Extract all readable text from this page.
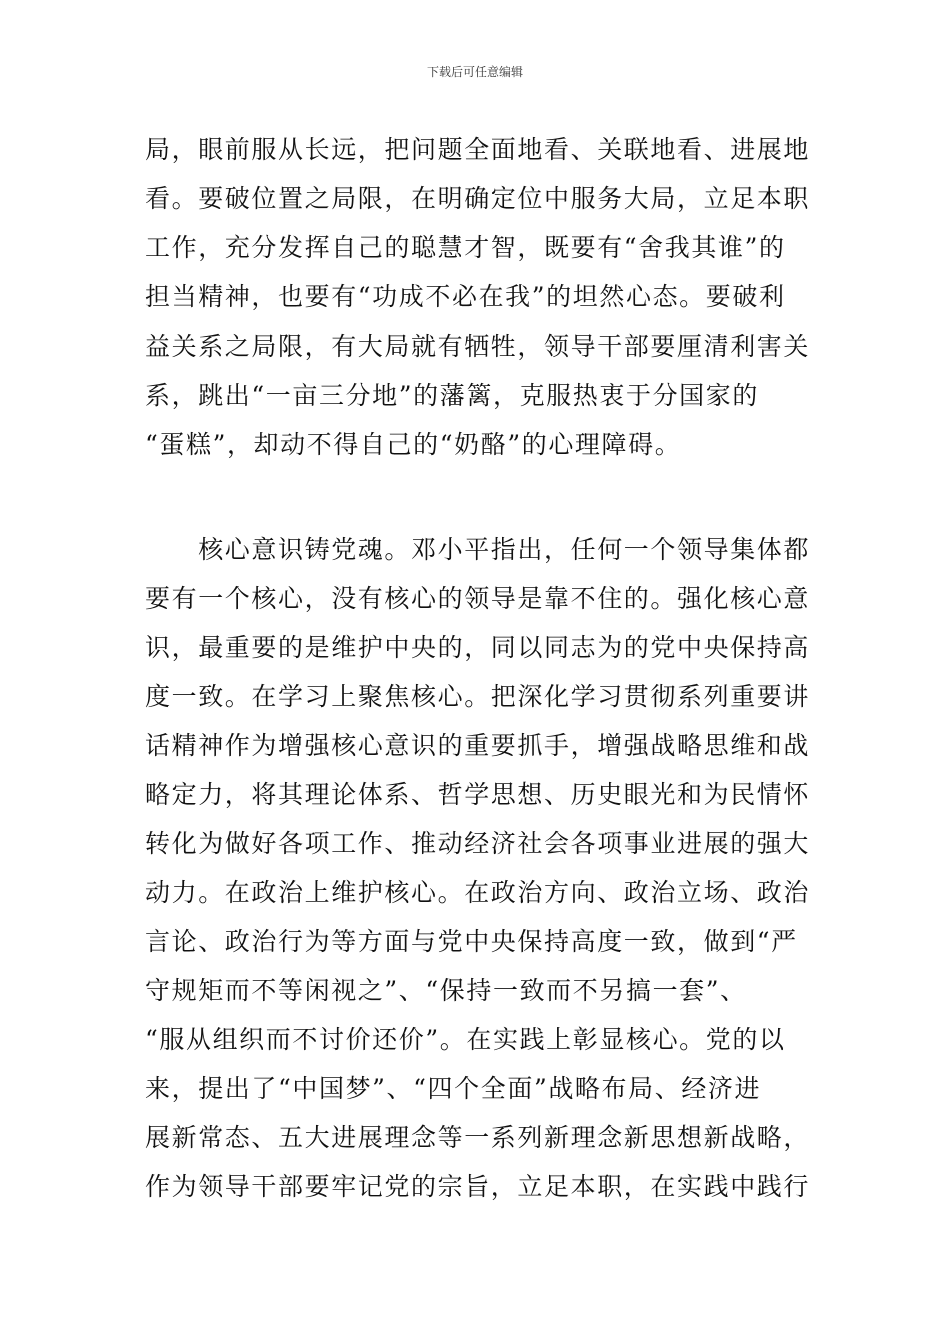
下载后可任意编辑
局，眼前服从长远，把问题全面地看、关联地看、进展地
看。要破位置之局限，在明确定位中服务大局，立足本职
工作，充分发挥自己的聪慧才智，既要有“舍我其谁”的
担当精神，也要有“功成不必在我”的坦然心态。要破利
益关系之局限，有大局就有牺牲，领导干部要厘清利害关
系，跳出“一亩三分地”的藩篱，克服热衷于分国家的
“蛋糕”，却动不得自己的“奶酪”的心理障碍。
　　核心意识铸党魂。邓小平指出，任何一个领导集体都
要有一个核心，没有核心的领导是靠不住的。强化核心意
识，最重要的是维护中央的，同以同志为的党中央保持高
度一致。在学习上聚焦核心。把深化学习贯彻系列重要讲
话精神作为增强核心意识的重要抓手，增强战略思维和战
略定力，将其理论体系、哲学思想、历史眼光和为民情怀
转化为做好各项工作、推动经济社会各项事业进展的强大
动力。在政治上维护核心。在政治方向、政治立场、政治
言论、政治行为等方面与党中央保持高度一致，做到“严
守规矩而不等闲视之”、“保持一致而不另搞一套”、
“服从组织而不讨价还价”。在实践上彰显核心。党的以
来，提出了“中国梦”、“四个全面”战略布局、经济进
展新常态、五大进展理念等一系列新理念新思想新战略，
作为领导干部要牢记党的宗旨，立足本职，在实践中践行
